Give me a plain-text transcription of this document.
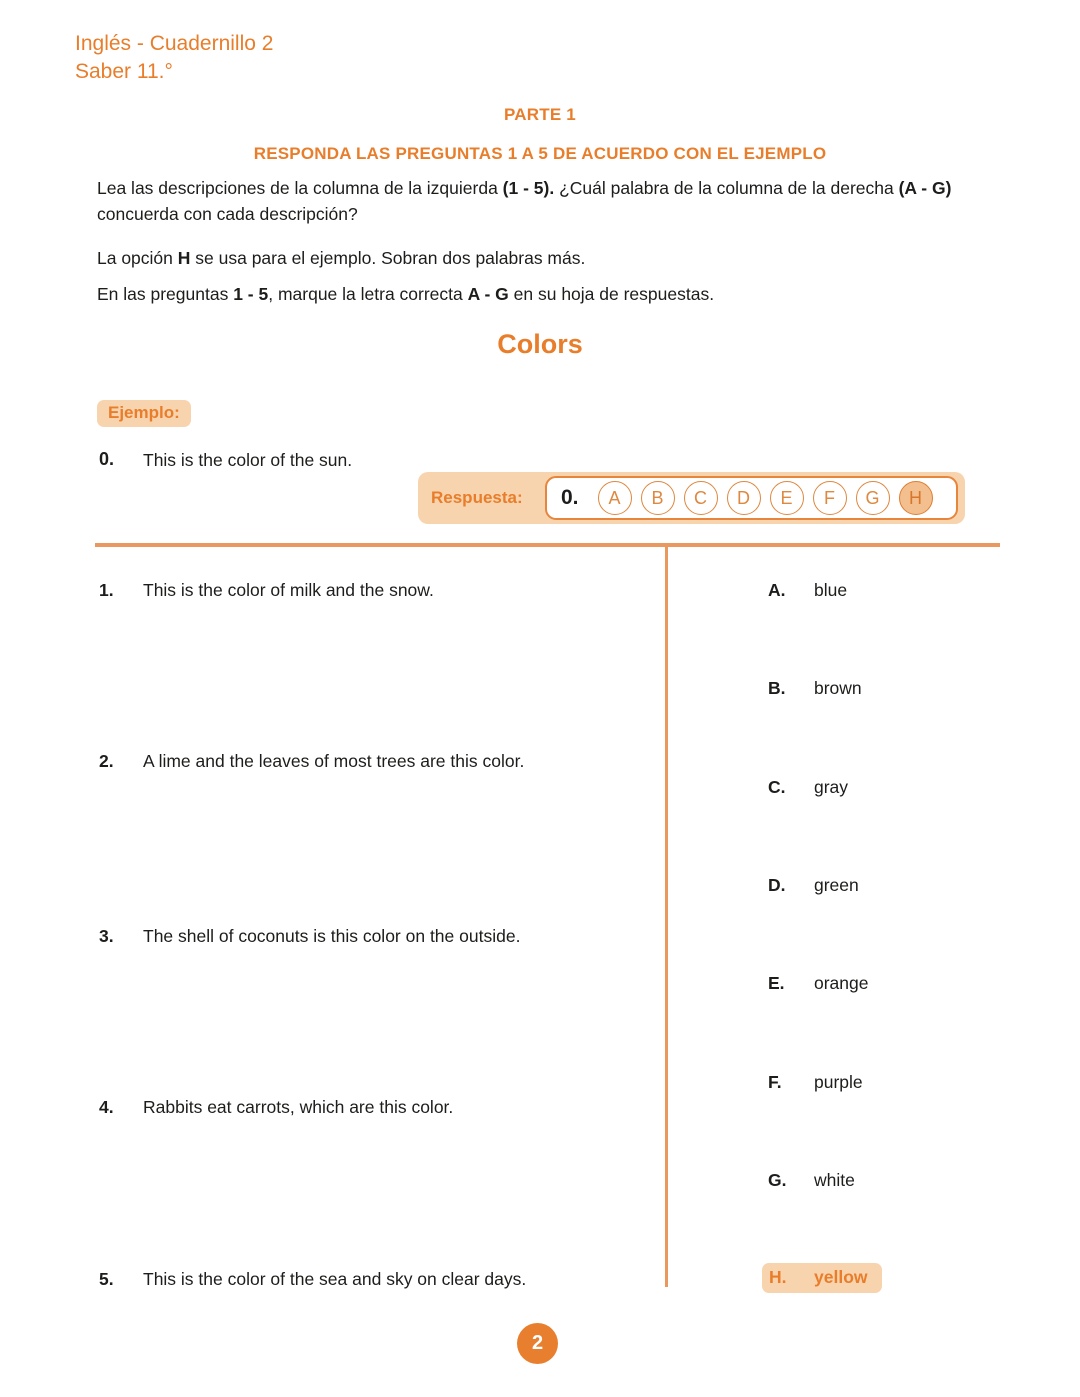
Inglés - Cuadernillo 2
Saber 11.°
PARTE 1
RESPONDA LAS PREGUNTAS 1 A 5 DE ACUERDO CON EL EJEMPLO

Lea las descripciones de la columna de la izquierda (1 - 5). ¿Cuál palabra de la columna de la derecha (A - G) concuerda con cada descripción?

La opción H se usa para el ejemplo. Sobran dos palabras más.

En las preguntas 1 - 5, marque la letra correcta A - G en su hoja de respuestas.

Colors
Ejemplo:
0. This is the color of the sun.
Respuesta: 0.	A	B	C	D	E	F	G	H
1. This is the color of milk and the snow.
2. A lime and the leaves of most trees are this color.
3. The shell of coconuts is this color on the outside.
4. Rabbits eat carrots, which are this color.
5. This is the color of the sea and sky on clear days.
A. blue
B. brown
C. gray
D. green
E. orange
F. purple
G. white
H. yellow
2
